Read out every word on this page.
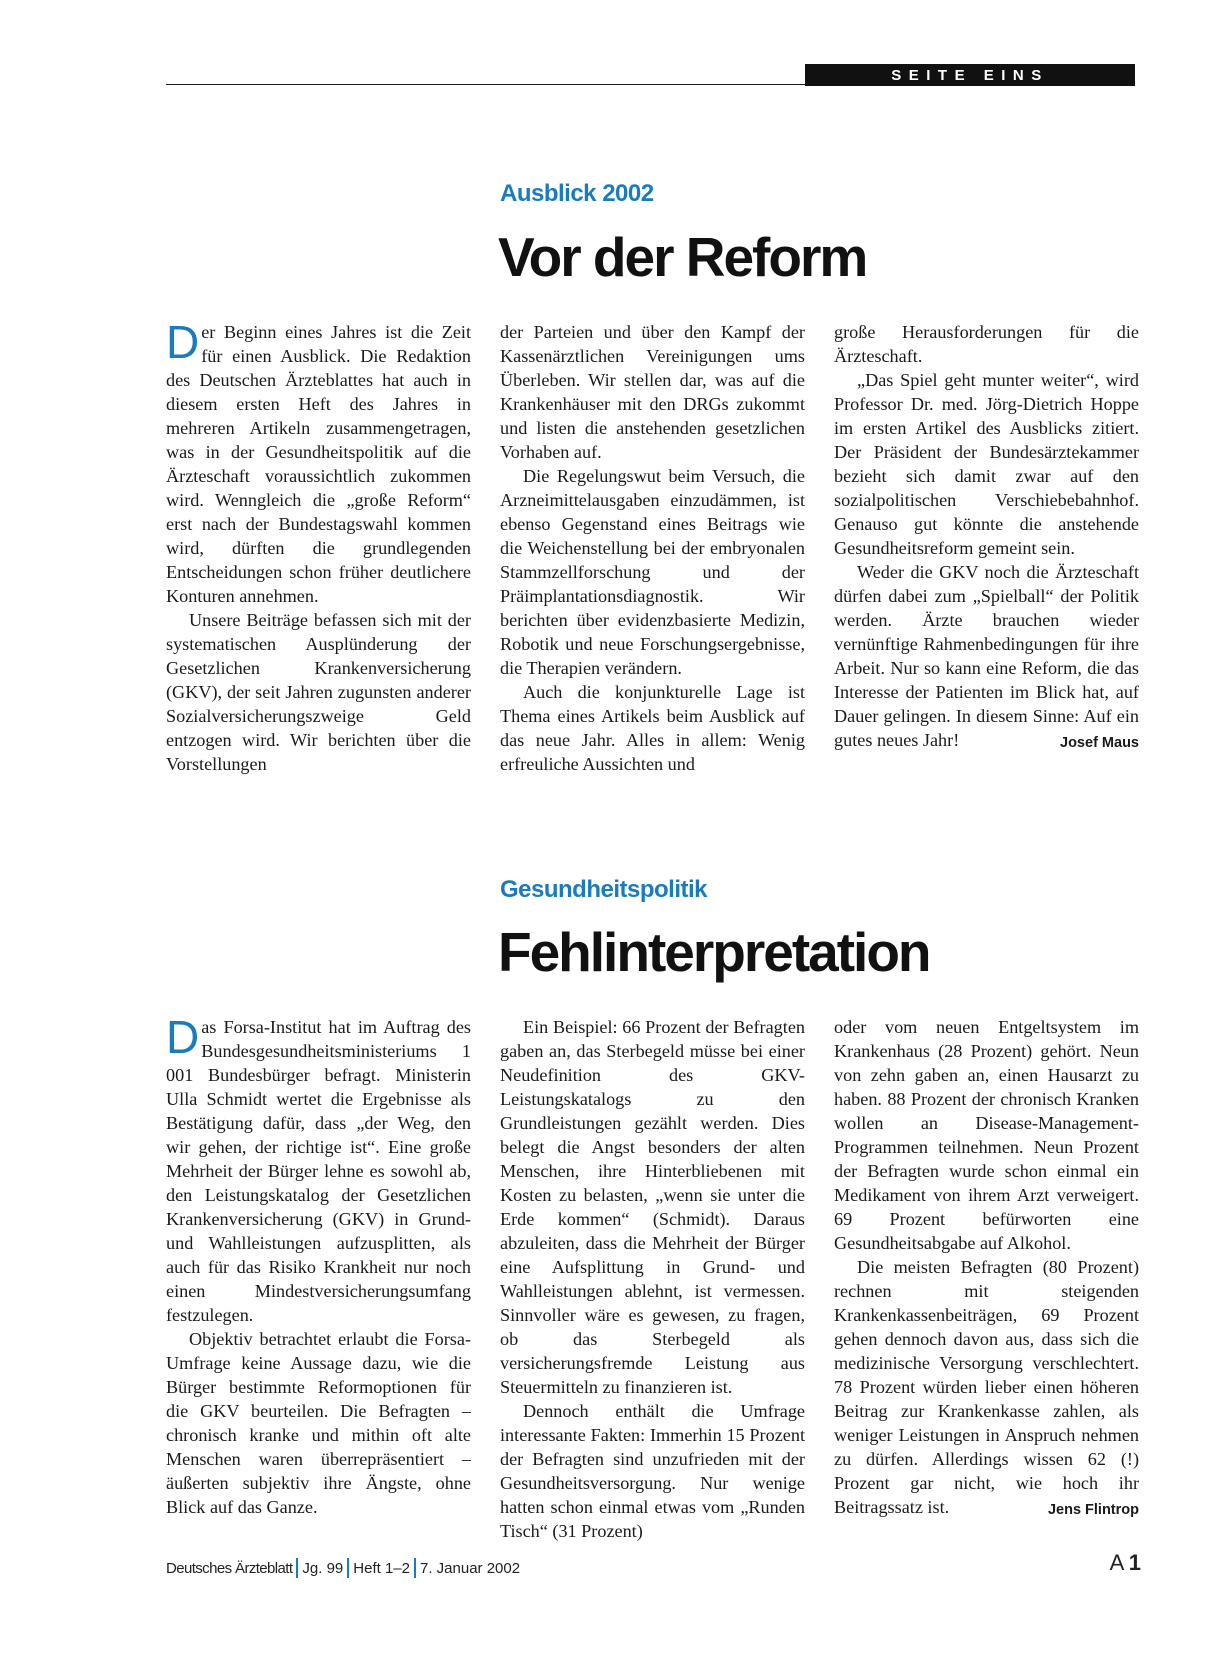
SEITE EINS
Ausblick 2002
Vor der Reform

Der Beginn eines Jahres ist die Zeit für einen Ausblick. Die Redaktion des Deutschen Ärzteblattes hat auch in diesem ersten Heft des Jahres in mehreren Artikeln zusammengetragen, was in der Gesundheitspolitik auf die Ärzteschaft voraussichtlich zukommen wird. Wenngleich die „große Reform“ erst nach der Bundestagswahl kommen wird, dürften die grundlegenden Entscheidungen schon früher deutlichere Konturen annehmen.

Unsere Beiträge befassen sich mit der systematischen Ausplünderung der Gesetzlichen Krankenversicherung (GKV), der seit Jahren zugunsten anderer Sozialversicherungszweige Geld entzogen wird. Wir berichten über die Vorstellungen

der Parteien und über den Kampf der Kassenärztlichen Vereinigungen ums Überleben. Wir stellen dar, was auf die Krankenhäuser mit den DRGs zukommt und listen die anstehenden gesetzlichen Vorhaben auf.

Die Regelungswut beim Versuch, die Arzneimittelausgaben einzudämmen, ist ebenso Gegenstand eines Beitrags wie die Weichenstellung bei der embryonalen Stammzellforschung und der Präimplantationsdiagnostik. Wir berichten über evidenzbasierte Medizin, Robotik und neue Forschungsergebnisse, die Therapien verändern.

Auch die konjunkturelle Lage ist Thema eines Artikels beim Ausblick auf das neue Jahr. Alles in allem: Wenig erfreuliche Aussichten und

große Herausforderungen für die Ärzteschaft.

„Das Spiel geht munter weiter“, wird Professor Dr. med. Jörg-Dietrich Hoppe im ersten Artikel des Ausblicks zitiert. Der Präsident der Bundesärztekammer bezieht sich damit zwar auf den sozialpolitischen Verschiebebahnhof. Genauso gut könnte die anstehende Gesundheitsreform gemeint sein.

Weder die GKV noch die Ärzteschaft dürfen dabei zum „Spielball“ der Politik werden. Ärzte brauchen wieder vernünftige Rahmenbedingungen für ihre Arbeit. Nur so kann eine Reform, die das Interesse der Patienten im Blick hat, auf Dauer gelingen. In diesem Sinne: Auf ein gutes neues Jahr!	Josef Maus

Gesundheitspolitik
Fehlinterpretation

Das Forsa-Institut hat im Auftrag des Bundesgesundheitsministeriums 1 001 Bundesbürger befragt. Ministerin Ulla Schmidt wertet die Ergebnisse als Bestätigung dafür, dass „der Weg, den wir gehen, der richtige ist“. Eine große Mehrheit der Bürger lehne es sowohl ab, den Leistungskatalog der Gesetzlichen Krankenversicherung (GKV) in Grund- und Wahlleistungen aufzusplitten, als auch für das Risiko Krankheit nur noch einen Mindestversicherungsumfang festzulegen.

Objektiv betrachtet erlaubt die Forsa-Umfrage keine Aussage dazu, wie die Bürger bestimmte Reformoptionen für die GKV beurteilen. Die Befragten – chronisch kranke und mithin oft alte Menschen waren überrepräsentiert – äußerten subjektiv ihre Ängste, ohne Blick auf das Ganze.

Ein Beispiel: 66 Prozent der Befragten gaben an, das Sterbegeld müsse bei einer Neudefinition des GKV-Leistungskatalogs zu den Grundleistungen gezählt werden. Dies belegt die Angst besonders der alten Menschen, ihre Hinterbliebenen mit Kosten zu belasten, „wenn sie unter die Erde kommen“ (Schmidt). Daraus abzuleiten, dass die Mehrheit der Bürger eine Aufsplittung in Grund- und Wahlleistungen ablehnt, ist vermessen. Sinnvoller wäre es gewesen, zu fragen, ob das Sterbegeld als versicherungsfremde Leistung aus Steuermitteln zu finanzieren ist.

Dennoch enthält die Umfrage interessante Fakten: Immerhin 15 Prozent der Befragten sind unzufrieden mit der Gesundheitsversorgung. Nur wenige hatten schon einmal etwas vom „Runden Tisch“ (31 Prozent)

oder vom neuen Entgeltsystem im Krankenhaus (28 Prozent) gehört. Neun von zehn gaben an, einen Hausarzt zu haben. 88 Prozent der chronisch Kranken wollen an Disease-Management-Programmen teilnehmen. Neun Prozent der Befragten wurde schon einmal ein Medikament von ihrem Arzt verweigert. 69 Prozent befürworten eine Gesundheitsabgabe auf Alkohol.

Die meisten Befragten (80 Prozent) rechnen mit steigenden Krankenkassenbeiträgen, 69 Prozent gehen dennoch davon aus, dass sich die medizinische Versorgung verschlechtert. 78 Prozent würden lieber einen höheren Beitrag zur Krankenkasse zahlen, als weniger Leistungen in Anspruch nehmen zu dürfen. Allerdings wissen 62 (!) Prozent gar nicht, wie hoch ihr Beitragssatz ist.	Jens Flintrop

Deutsches Ärzteblatt Jg. 99 Heft 1–2 7. Januar 2002	A  1
